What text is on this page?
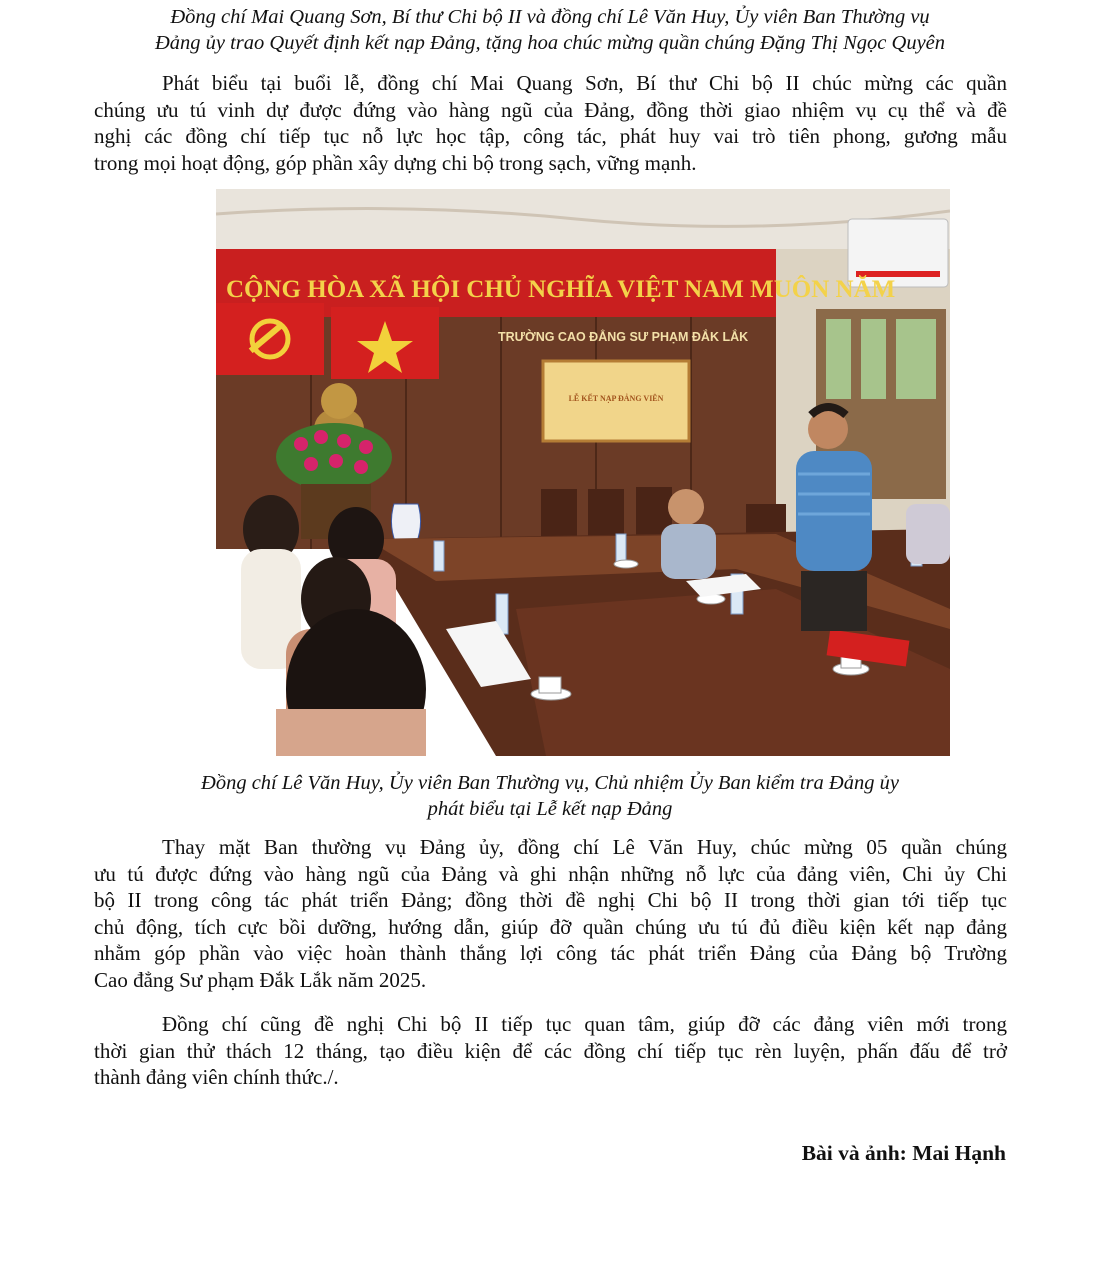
Đồng chí Mai Quang Sơn, Bí thư Chi bộ II và đồng chí Lê Văn Huy, Ủy viên Ban Thường vụ
Đảng ủy trao Quyết định kết nạp Đảng, tặng hoa chúc mừng quần chúng Đặng Thị Ngọc Quyên

Phát biểu tại buổi lễ, đồng chí Mai Quang Sơn, Bí thư Chi bộ II chúc mừng các quần
chúng ưu tú vinh dự được đứng vào hàng ngũ của Đảng, đồng thời giao nhiệm vụ cụ thể và đề
nghị các đồng chí tiếp tục nỗ lực học tập, công tác, phát huy vai trò tiên phong, gương mẫu
trong mọi hoạt động, góp phần xây dựng chi bộ trong sạch, vững mạnh.
CỘNG HÒA XÃ HỘI CHỦ NGHĨA VIỆT NAM MUÔN NĂM
TRƯỜNG CAO ĐẲNG SƯ PHẠM ĐẮK LẮK
LỄ KẾT NẠP ĐẢNG VIÊN

Đồng chí Lê Văn Huy, Ủy viên Ban Thường vụ, Chủ nhiệm Ủy Ban kiểm tra Đảng ủy
phát biểu tại Lễ kết nạp Đảng

Thay mặt Ban thường vụ Đảng ủy, đồng chí Lê Văn Huy, chúc mừng 05 quần chúng
ưu tú được đứng vào hàng ngũ của Đảng và ghi nhận những nỗ lực của đảng viên, Chi ủy Chi
bộ II trong công tác phát triển Đảng; đồng thời đề nghị Chi bộ II trong thời gian tới tiếp tục
chủ động, tích cực bồi dưỡng, hướng dẫn, giúp đỡ quần chúng ưu tú đủ điều kiện kết nạp đảng
nhằm góp phần vào việc hoàn thành thắng lợi công tác phát triển Đảng của Đảng bộ Trường
Cao đẳng Sư phạm Đắk Lắk năm 2025.
Đồng chí cũng đề nghị Chi bộ II tiếp tục quan tâm, giúp đỡ các đảng viên mới trong
thời gian thử thách 12 tháng, tạo điều kiện để các đồng chí tiếp tục rèn luyện, phấn đấu để trở
thành đảng viên chính thức./.

Bài và ảnh: Mai Hạnh
